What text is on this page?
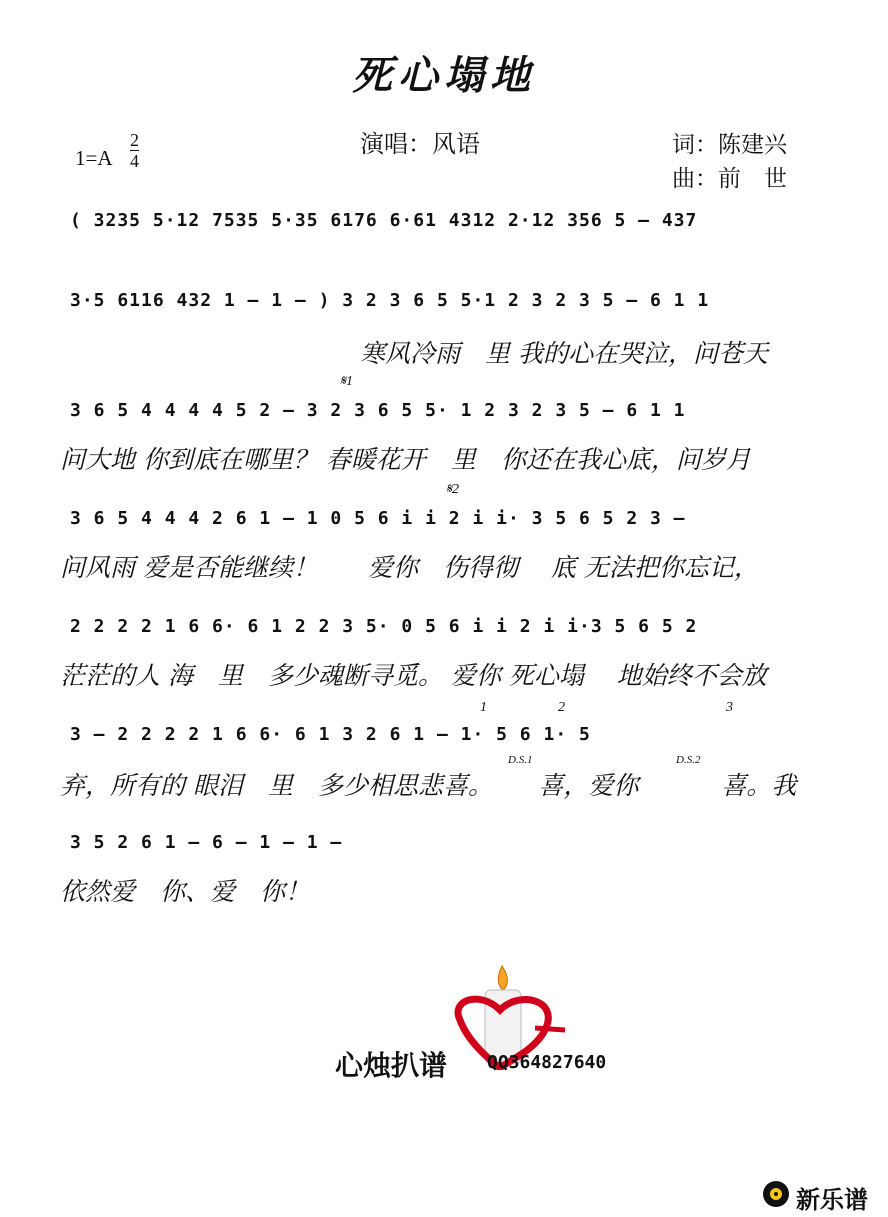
死心塌地
1=A
2
4
演唱：风语	词：陈建兴
曲：前　世
( 3235 5·12 7535 5·35 6176 6·61 4312 2·12 356 5 – 437
3·5 6116 432 1 – 1 – ) 3 2 3 6 5 5·1 2 3 2 3 5 – 6 1 1
寒风冷雨　里 我的心在哭泣，问苍天
𝄋1
3 6 5 4 4 4 4 5 2 – 3 2 3 6 5 5· 1 2 3 2 3 5 – 6 1 1
问大地 你到底在哪里？ 春暖花开　里　你还在我心底，问岁月
𝄋2
3 6 5 4 4 4 2 6 1 – 1 0 5 6 i i 2 i i· 3 5 6 5 2 3 –
问风雨 爱是否能继续！　　爱你　伤得彻　 底 无法把你忘记，
2 2 2 2 1 6 6· 6 1 2 2 3 5· 0 5 6 i i 2 i i·3 5 6 5 2
茫茫的人 海　里　多少魂断寻觅。 爱你 死心塌　 地始终不会放
1	2	3
3 – 2 2 2 2 1 6 6· 6 1 3 2 6 1 – 1· 5 6 1· 5
D.S.1	D.S.2
弃，所有的 眼泪　里　多少相思悲喜。　　 喜，爱你　　　 喜。我
3 5 2 6 1 – 6 – 1 – 1 –
依然爱　你、爱　你！
心烛扒谱 QQ364827640
新乐谱
